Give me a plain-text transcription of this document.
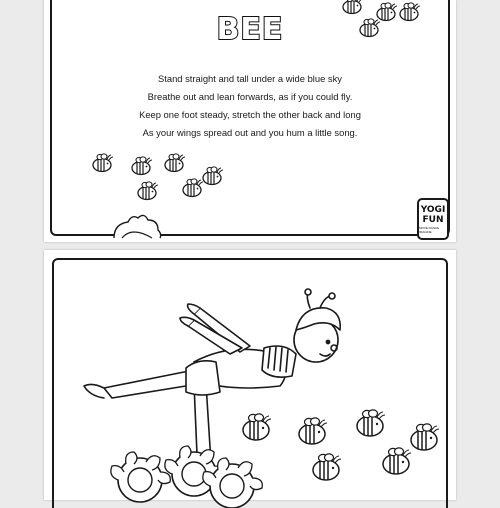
BEE
Stand straight and tall under a wide blue sky
Breathe out and lean forwards, as if you could fly.
Keep one foot steady, stretch the other back and long
As your wings spread out and you hum a little song.
YOGI
FUN
MOVE DANCE IMAGINE
